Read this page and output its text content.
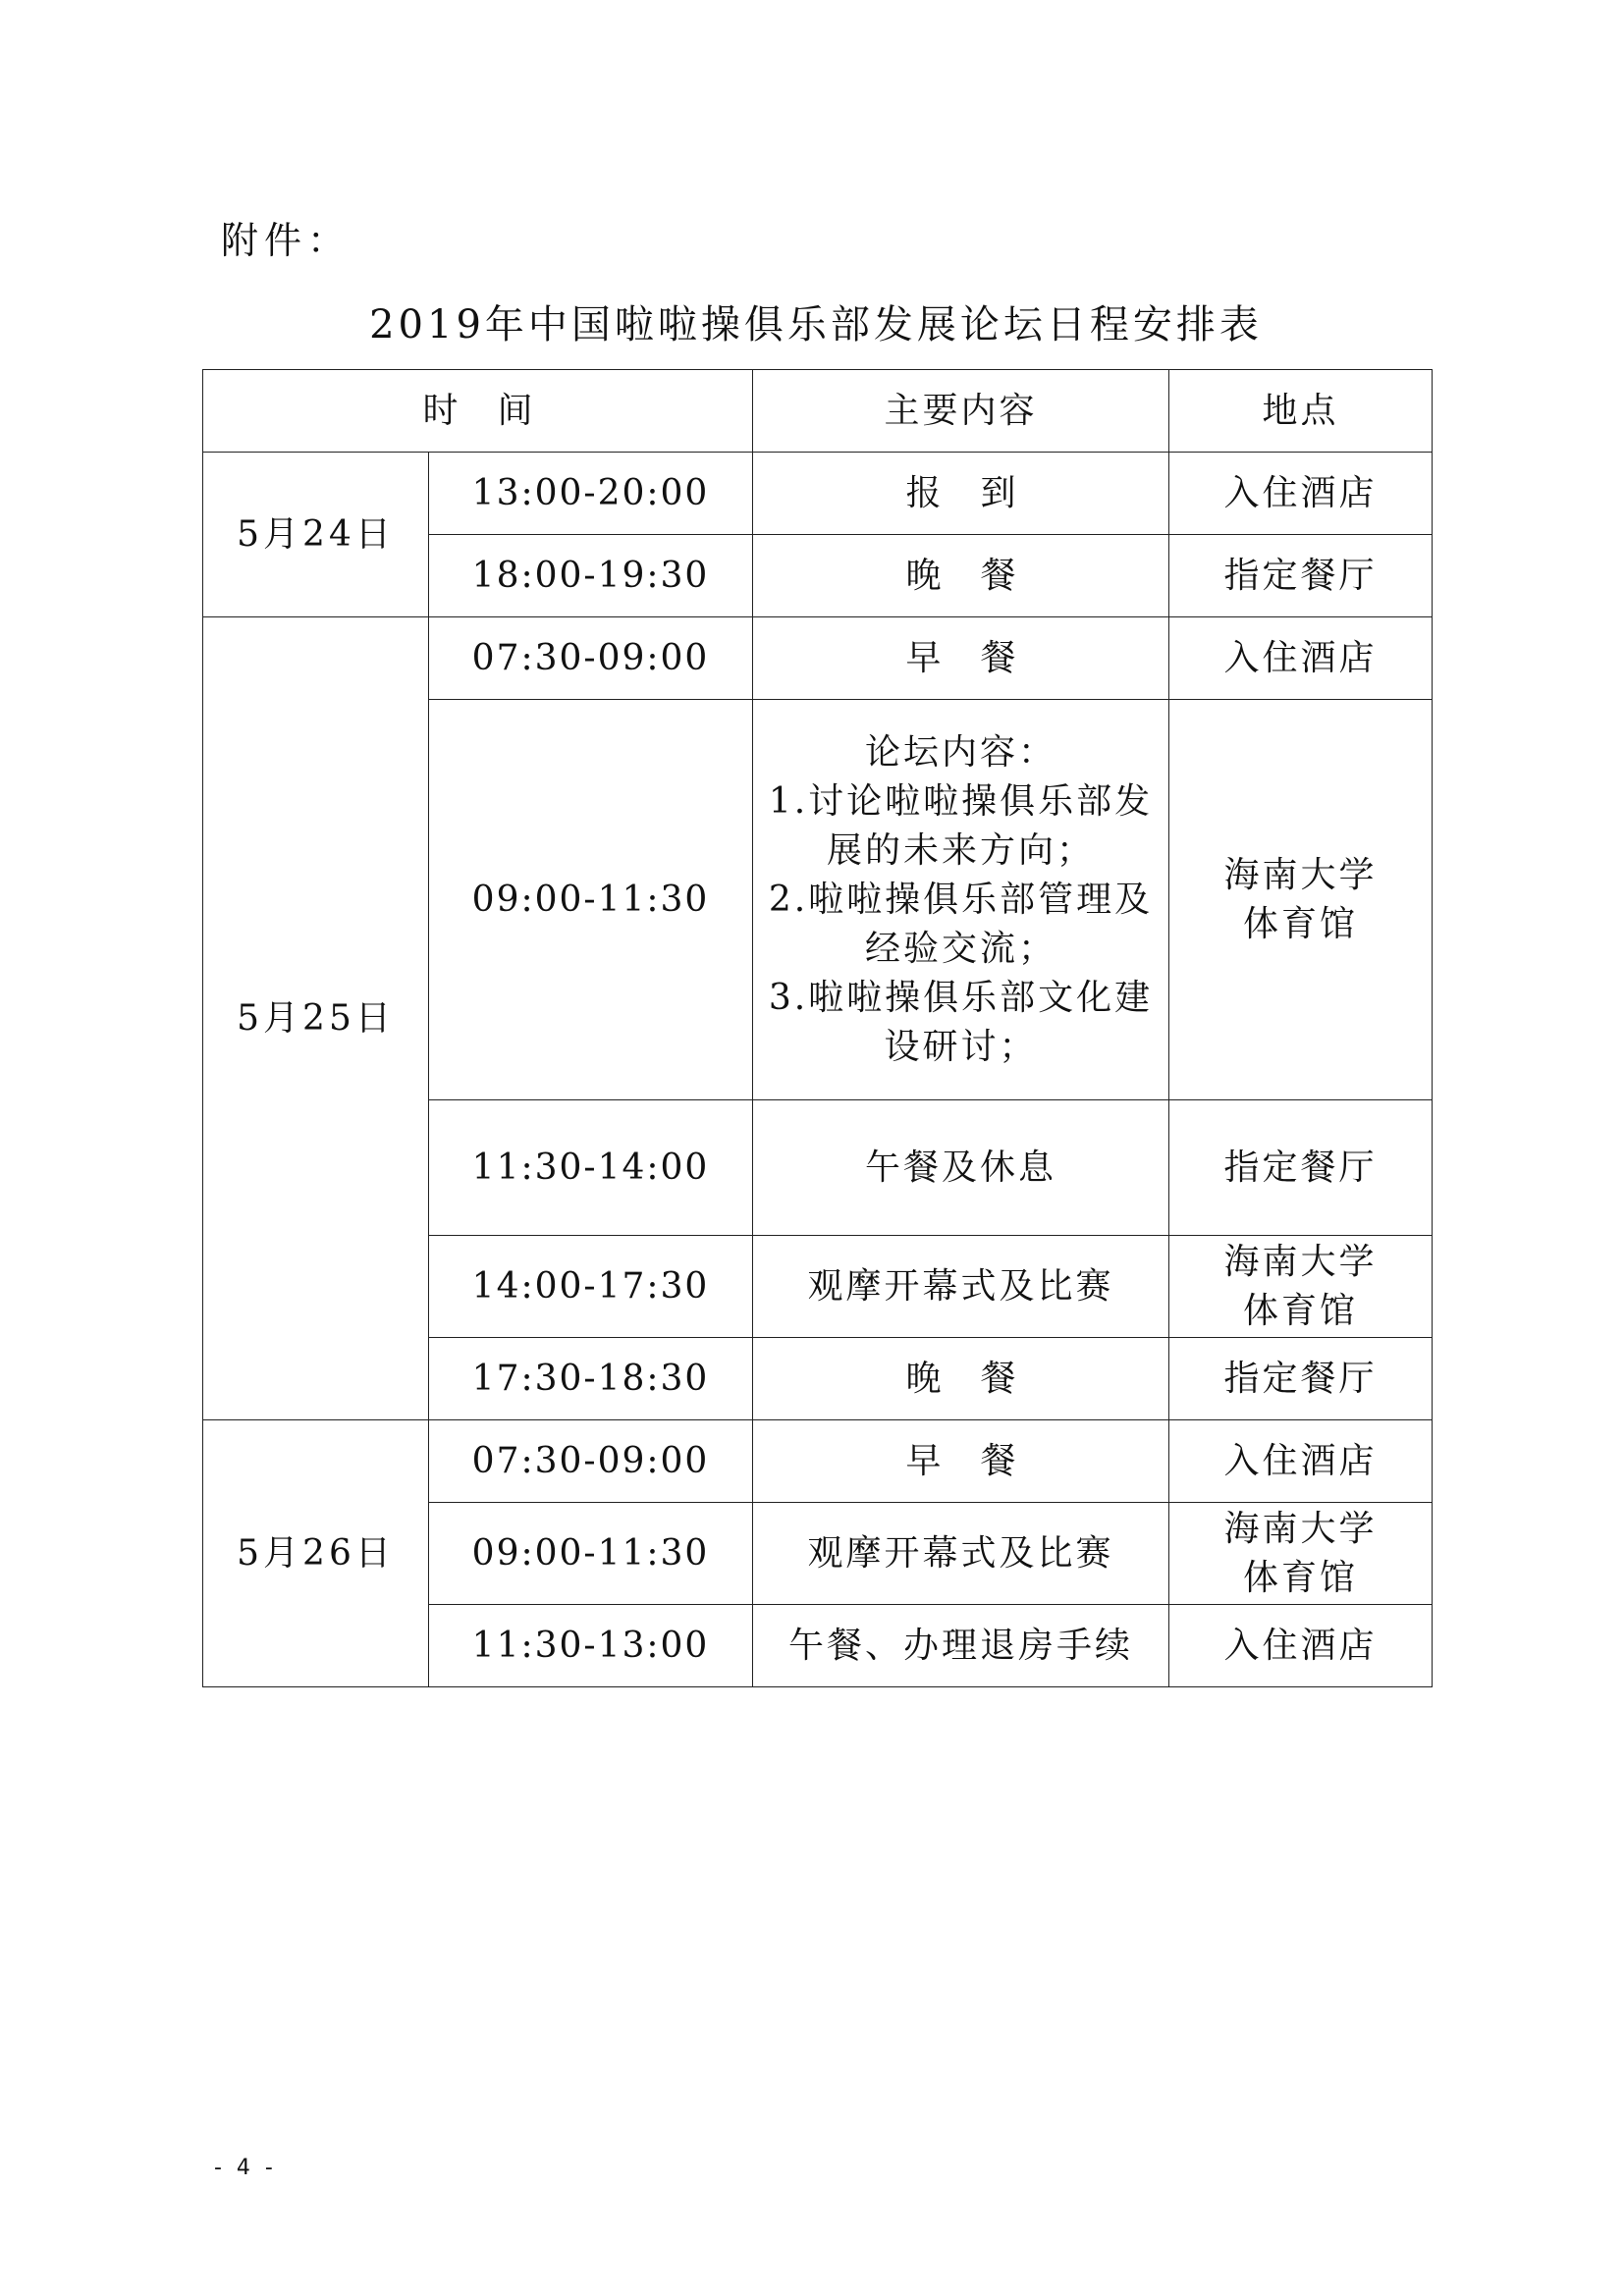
附件：
2019年中国啦啦操俱乐部发展论坛日程安排表
时间		主要内容	地点
5月24日	13:00-20:00	报到	入住酒店
	18:00-19:30	晚餐	指定餐厅
5月25日	07:30-09:00	早餐	入住酒店
	09:00-11:30	论坛内容：
1.讨论啦啦操俱乐部发展的未来方向；
2.啦啦操俱乐部管理及经验交流；
3.啦啦操俱乐部文化建设研讨；	海南大学
体育馆
	11:30-14:00	午餐及休息	指定餐厅
	14:00-17:30	观摩开幕式及比赛	海南大学
体育馆
	17:30-18:30	晚餐	指定餐厅
5月26日	07:30-09:00	早餐	入住酒店
	09:00-11:30	观摩开幕式及比赛	海南大学
体育馆
	11:30-13:00	午餐、办理退房手续	入住酒店
- 4 -
